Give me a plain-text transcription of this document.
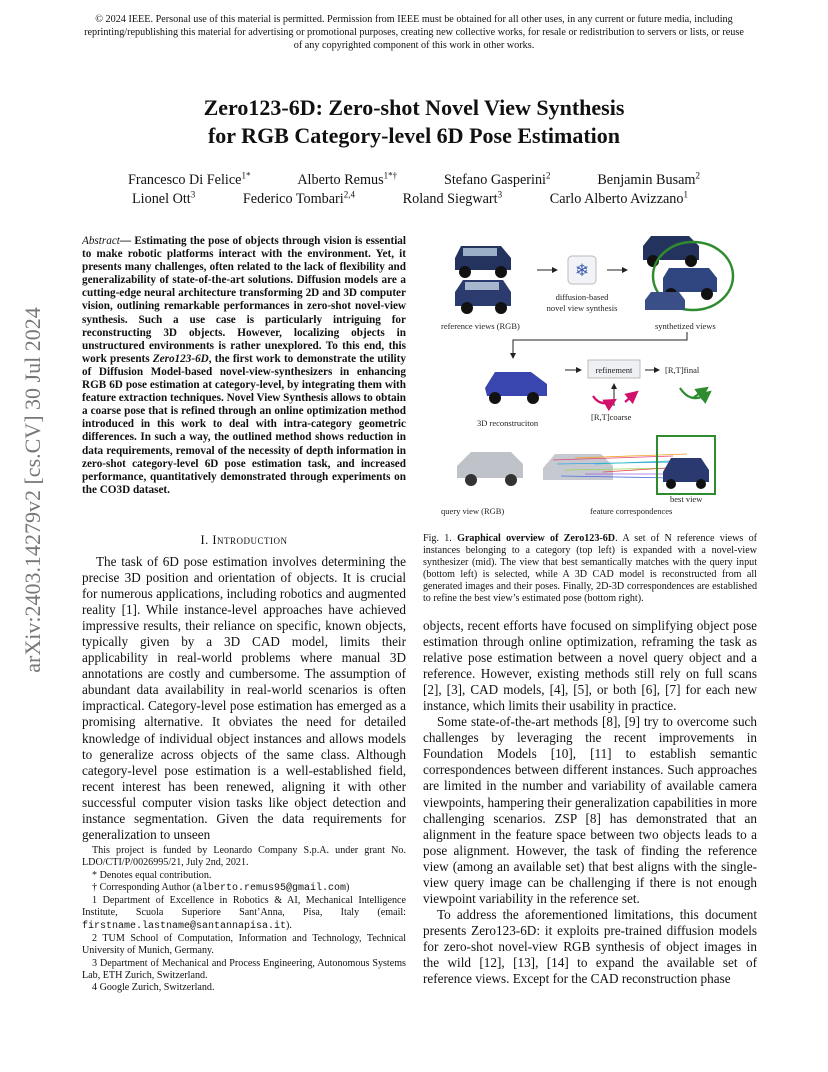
© 2024 IEEE. Personal use of this material is permitted. Permission from IEEE must be obtained for all other uses, in any current or future media, including reprinting/republishing this material for advertising or promotional purposes, creating new collective works, for resale or redistribution to servers or lists, or reuse of any copyrighted component of this work in other works.
Zero123-6D: Zero-shot Novel View Synthesis
for RGB Category-level 6D Pose Estimation
Francesco Di Felice$^{1*}$	Alberto Remus$^{1*\dagger}$	Stefano Gasperini$^2$	Benjamin Busam$^2$
Lionel Ott$^3$	Federico Tombari$^{2,4}$	Roland Siegwart$^3$	Carlo Alberto Avizzano$^1$
arXiv:2403.14279v2 [cs.CV] 30 Jul 2024
Abstract— Estimating the pose of objects through vision is essential to make robotic platforms interact with the environment. Yet, it presents many challenges, often related to the lack of flexibility and generalizability of state-of-the-art solutions. Diffusion models are a cutting-edge neural architecture transforming 2D and 3D computer vision, outlining remarkable performances in zero-shot novel-view synthesis. Such a use case is particularly intriguing for reconstructing 3D objects. However, localizing objects in unstructured environments is rather unexplored. To this end, this work presents Zero123-6D, the first work to demonstrate the utility of Diffusion Model-based novel-view-synthesizers in enhancing RGB 6D pose estimation at category-level, by integrating them with feature extraction techniques. Novel View Synthesis allows to obtain a coarse pose that is refined through an online optimization method introduced in this work to deal with intra-category geometric differences. In such a way, the outlined method shows reduction in data requirements, removal of the necessity of depth information in zero-shot category-level 6D pose estimation task, and increased performance, quantitatively demonstrated through experiments on the CO3D dataset.
I. Introduction

The task of 6D pose estimation involves determining the precise 3D position and orientation of objects. It is crucial for numerous applications, including robotics and augmented reality [1]. While instance-level approaches have achieved impressive results, their reliance on specific, known objects, typically given by a 3D CAD model, limits their applicability in real-world problems where manual 3D annotations are costly and cumbersome. The assumption of abundant data availability in real-world scenarios is often impractical. Category-level pose estimation has emerged as a promising alternative. It obviates the need for detailed knowledge of individual object instances and allows models to generalize across objects of the same class. Although category-level pose estimation is a well-established field, recent interest has been renewed, aligning it with other successful computer vision tasks like object detection and instance segmentation. Given the data requirements for generalization to unseen

This project is funded by Leonardo Company S.p.A. under grant No. LDO/CTI/P/0026995/21, July 2nd, 2021.

* Denotes equal contribution.

† Corresponding Author (alberto.remus95@gmail.com)

1 Department of Excellence in Robotics & AI, Mechanical Intelligence Institute, Scuola Superiore Sant’Anna, Pisa, Italy (email: firstname.lastname@santannapisa.it).

2 TUM School of Computation, Information and Technology, Technical University of Munich, Germany.

3 Department of Mechanical and Process Engineering, Autonomous Systems Lab, ETH Zurich, Switzerland.

4 Google Zurich, Switzerland.

reference views (RGB)
❄
diffusion-based
novel view synthesis
synthetized views
3D reconstruciton
refinement	[R,T]final
[R,T]coarse
query view (RGB)
best view
feature correspondences
Fig. 1. Graphical overview of Zero123-6D. A set of N reference views of instances belonging to a category (top left) is expanded with a novel-view synthesizer (mid). The view that best semantically matches with the query input (bottom left) is selected, while A 3D CAD model is reconstructed from all generated images and their poses. Finally, 2D-3D correspondences are established to refine the best view’s estimated pose (bottom right).

objects, recent efforts have focused on simplifying object pose estimation through online optimization, reframing the task as relative pose estimation between a novel query object and a reference. However, existing methods still rely on full scans [2], [3], CAD models, [4], [5], or both [6], [7] for each new instance, which limits their usability in practice.

Some state-of-the-art methods [8], [9] try to overcome such challenges by leveraging the recent improvements in Foundation Models [10], [11] to establish semantic correspondences between different instances. Such approaches are limited in the number and variability of available camera viewpoints, hampering their generalization capabilities in more challenging scenarios. ZSP [8] has demonstrated that an alignment in the feature space between two objects leads to a pose alignment. However, the task of finding the reference view (among an available set) that best aligns with the single-view query image can be challenging if there is not enough viewpoint variability in the reference set.

To address the aforementioned limitations, this document presents Zero123-6D: it exploits pre-trained diffusion models for zero-shot novel-view RGB synthesis of object images in the wild [12], [13], [14] to expand the available set of reference views. Except for the CAD reconstruction phase
